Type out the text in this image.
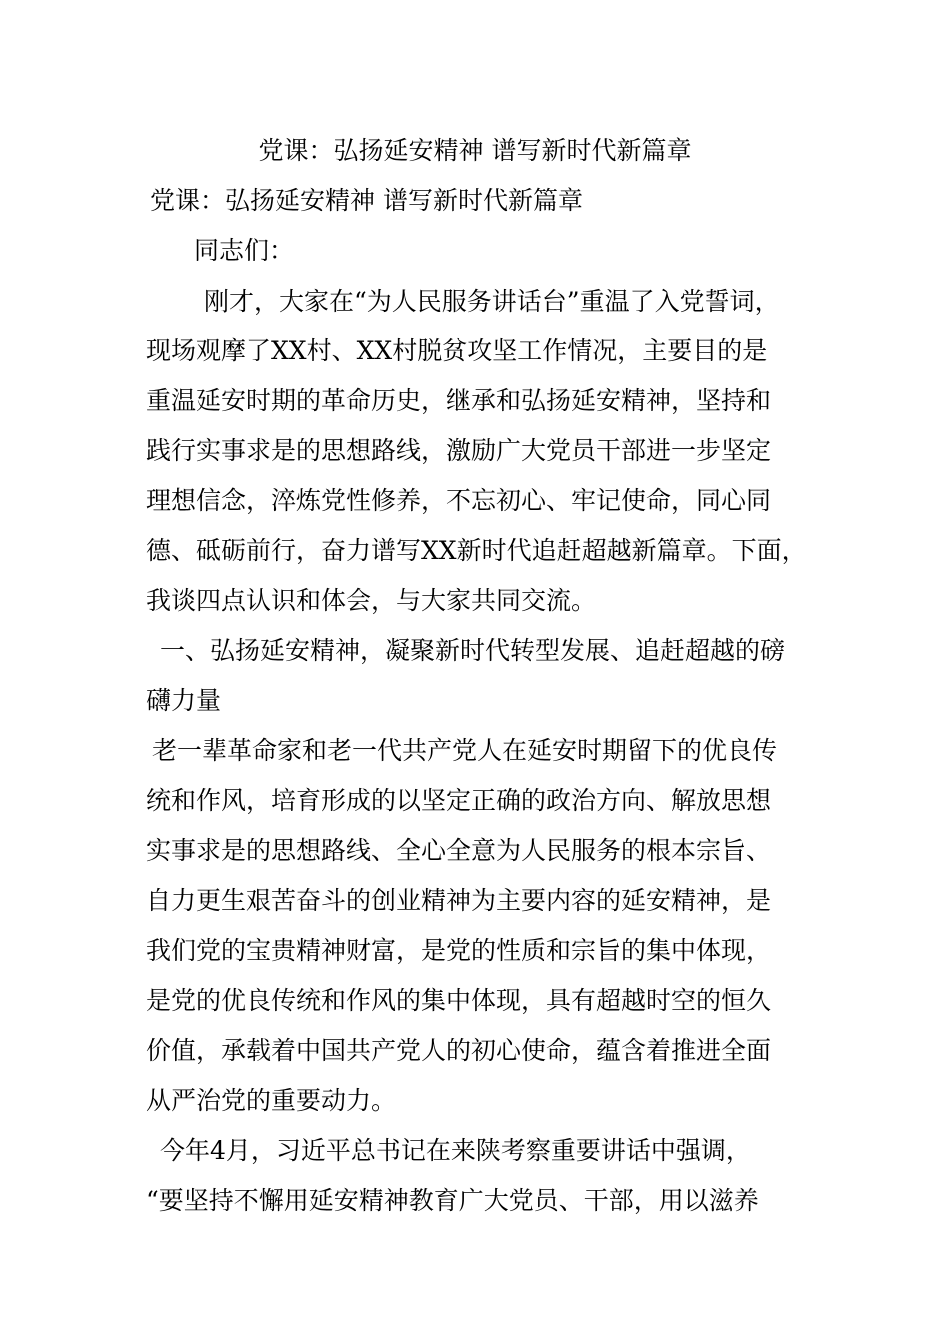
党课：弘扬延安精神 谱写新时代新篇章
党课：弘扬延安精神 谱写新时代新篇章
同志们：
刚才，大家在“为人民服务讲话台”重温了入党誓词，
现场观摩了XX村、XX村脱贫攻坚工作情况，主要目的是
重温延安时期的革命历史，继承和弘扬延安精神，坚持和
践行实事求是的思想路线，激励广大党员干部进一步坚定
理想信念，淬炼党性修养，不忘初心、牢记使命，同心同
德、砥砺前行，奋力谱写XX新时代追赶超越新篇章。下面，
我谈四点认识和体会，与大家共同交流。
一、弘扬延安精神，凝聚新时代转型发展、追赶超越的磅
礴力量
老一辈革命家和老一代共产党人在延安时期留下的优良传
统和作风，培育形成的以坚定正确的政治方向、解放思想
实事求是的思想路线、全心全意为人民服务的根本宗旨、
自力更生艰苦奋斗的创业精神为主要内容的延安精神，是
我们党的宝贵精神财富，是党的性质和宗旨的集中体现，
是党的优良传统和作风的集中体现，具有超越时空的恒久
价值，承载着中国共产党人的初心使命，蕴含着推进全面
从严治党的重要动力。
今年4月，习近平总书记在来陕考察重要讲话中强调，
“要坚持不懈用延安精神教育广大党员、干部，用以滋养
